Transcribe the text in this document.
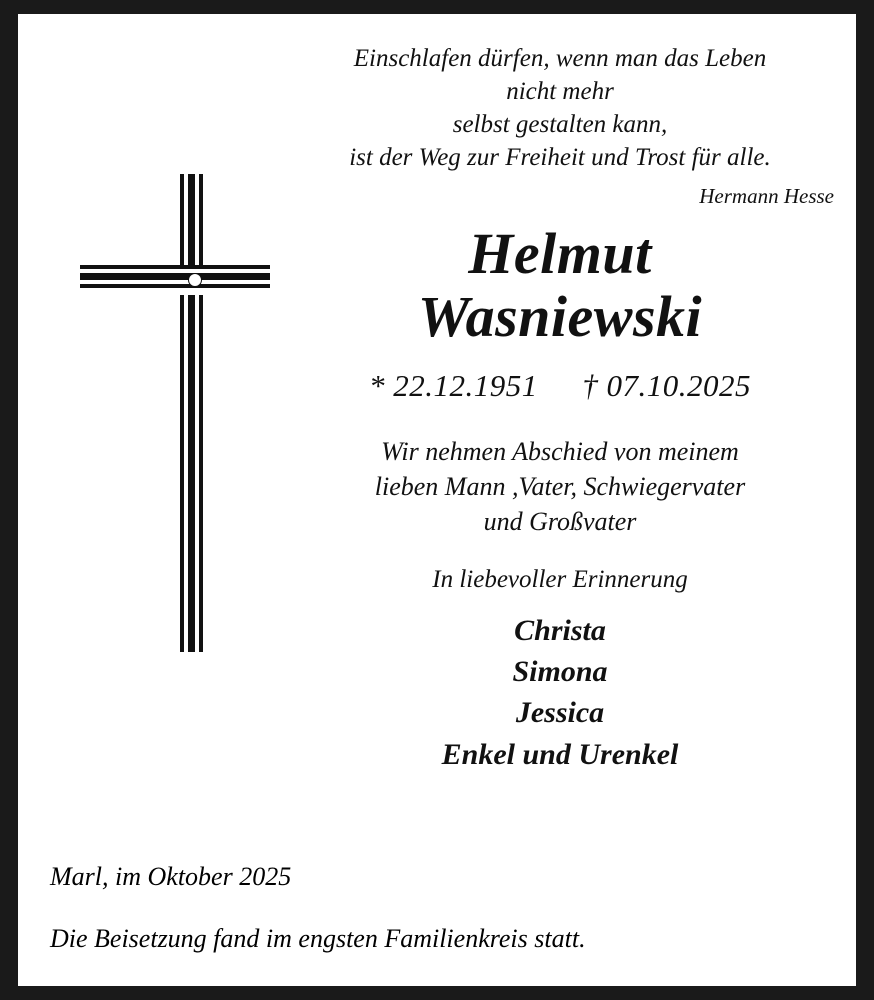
Einschlafen dürfen, wenn man das Leben
nicht mehr
selbst gestalten kann,
ist der Weg zur Freiheit und Trost für alle.
Hermann Hesse
Helmut
Wasniewski
* 22.12.1951 † 07.10.2025
Wir nehmen Abschied von meinem
lieben Mann ,Vater, Schwiegervater
und Großvater
In liebevoller Erinnerung
Christa
Simona
Jessica
Enkel und Urenkel
Marl, im Oktober 2025
Die Beisetzung fand im engsten Familienkreis statt.
